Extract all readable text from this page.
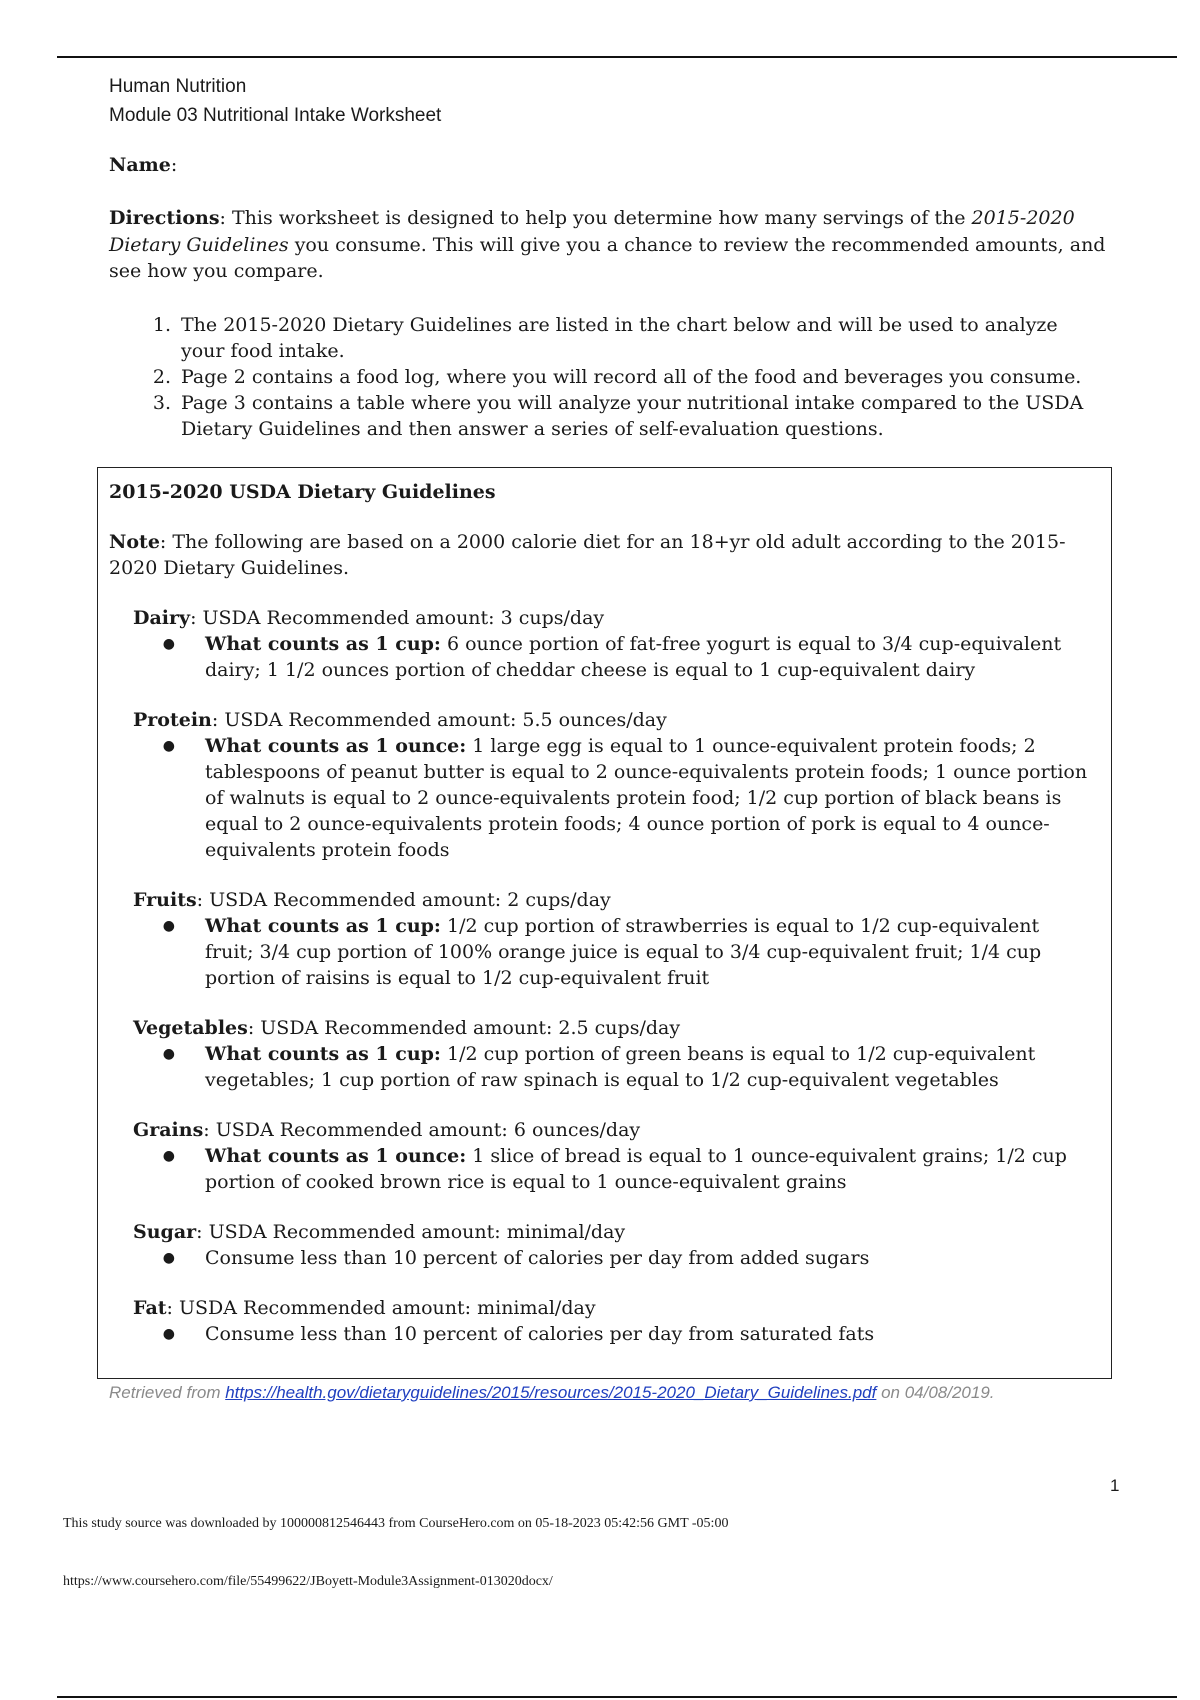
Human Nutrition
Module 03 Nutritional Intake Worksheet
Name:

Directions: This worksheet is designed to help you determine how many servings of the 2015-2020 Dietary Guidelines you consume. This will give you a chance to review the recommended amounts, and see how you compare.

1. The 2015-2020 Dietary Guidelines are listed in the chart below and will be used to analyze your food intake.
2. Page 2 contains a food log, where you will record all of the food and beverages you consume.
3. Page 3 contains a table where you will analyze your nutritional intake compared to the USDA Dietary Guidelines and then answer a series of self-evaluation questions.
2015-2020 USDA Dietary Guidelines

Note: The following are based on a 2000 calorie diet for an 18+yr old adult according to the 2015-2020 Dietary Guidelines.

Dairy: USDA Recommended amount: 3 cups/day

●	What counts as 1 cup: 6 ounce portion of fat-free yogurt is equal to 3/4 cup-equivalent dairy; 1 1/2 ounces portion of cheddar cheese is equal to 1 cup-equivalent dairy

Protein: USDA Recommended amount: 5.5 ounces/day

●	What counts as 1 ounce: 1 large egg is equal to 1 ounce-equivalent protein foods; 2 tablespoons of peanut butter is equal to 2 ounce-equivalents protein foods; 1 ounce portion of walnuts is equal to 2 ounce-equivalents protein food; 1/2 cup portion of black beans is equal to 2 ounce-equivalents protein foods; 4 ounce portion of pork is equal to 4 ounce-equivalents protein foods

Fruits: USDA Recommended amount: 2 cups/day

●	What counts as 1 cup: 1/2 cup portion of strawberries is equal to 1/2 cup-equivalent fruit; 3/4 cup portion of 100% orange juice is equal to 3/4 cup-equivalent fruit; 1/4 cup portion of raisins is equal to 1/2 cup-equivalent fruit

Vegetables: USDA Recommended amount: 2.5 cups/day

●	What counts as 1 cup: 1/2 cup portion of green beans is equal to 1/2 cup-equivalent vegetables; 1 cup portion of raw spinach is equal to 1/2 cup-equivalent vegetables

Grains: USDA Recommended amount: 6 ounces/day

●	What counts as 1 ounce: 1 slice of bread is equal to 1 ounce-equivalent grains; 1/2 cup portion of cooked brown rice is equal to 1 ounce-equivalent grains

Sugar: USDA Recommended amount: minimal/day

●	Consume less than 10 percent of calories per day from added sugars

Fat: USDA Recommended amount: minimal/day

●	Consume less than 10 percent of calories per day from saturated fats
Retrieved from https://health.gov/dietaryguidelines/2015/resources/2015-2020_Dietary_Guidelines.pdf on 04/08/2019.
1
This study source was downloaded by 100000812546443 from CourseHero.com on 05-18-2023 05:42:56 GMT -05:00
https://www.coursehero.com/file/55499622/JBoyett-Module3Assignment-013020docx/
